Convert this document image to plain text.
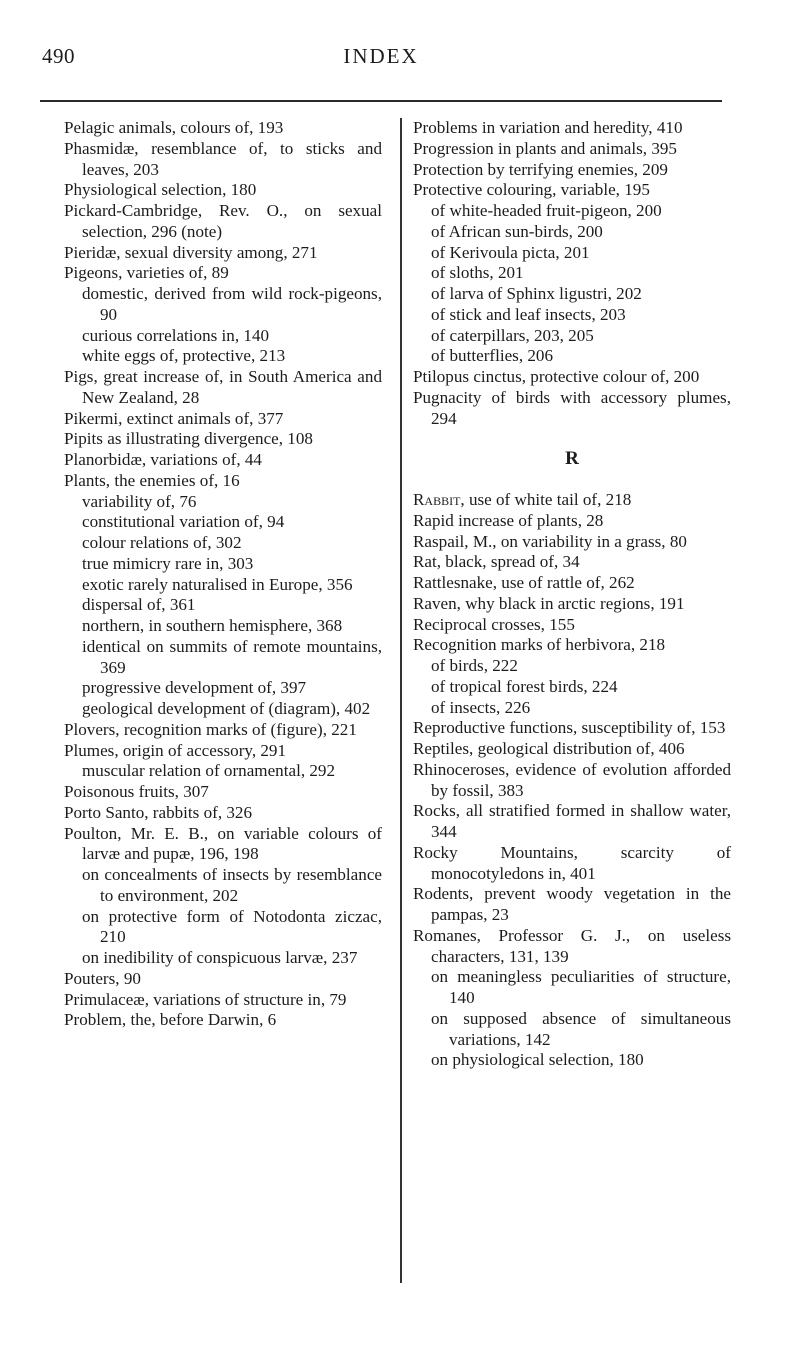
490	INDEX

Pelagic animals, colours of, 193

Phasmidæ, resemblance of, to sticks and leaves, 203

Physiological selection, 180

Pickard-Cambridge, Rev. O., on sexual selection, 296 (note)

Pieridæ, sexual diversity among, 271

Pigeons, varieties of, 89

domestic, derived from wild rock-pigeons, 90

curious correlations in, 140

white eggs of, protective, 213

Pigs, great increase of, in South America and New Zealand, 28

Pikermi, extinct animals of, 377

Pipits as illustrating divergence, 108

Planorbidæ, variations of, 44

Plants, the enemies of, 16

variability of, 76

constitutional variation of, 94

colour relations of, 302

true mimicry rare in, 303

exotic rarely naturalised in Europe, 356

dispersal of, 361

northern, in southern hemisphere, 368

identical on summits of remote mountains, 369

progressive development of, 397

geological development of (diagram), 402

Plovers, recognition marks of (figure), 221

Plumes, origin of accessory, 291

muscular relation of ornamental, 292

Poisonous fruits, 307

Porto Santo, rabbits of, 326

Poulton, Mr. E. B., on variable colours of larvæ and pupæ, 196, 198

on concealments of insects by resemblance to environment, 202

on protective form of Notodonta ziczac, 210

on inedibility of conspicuous larvæ, 237

Pouters, 90

Primulaceæ, variations of structure in, 79

Problem, the, before Darwin, 6

Problems in variation and heredity, 410

Progression in plants and animals, 395

Protection by terrifying enemies, 209

Protective colouring, variable, 195

of white-headed fruit-pigeon, 200

of African sun-birds, 200

of Kerivoula picta, 201

of sloths, 201

of larva of Sphinx ligustri, 202

of stick and leaf insects, 203

of caterpillars, 203, 205

of butterflies, 206

Ptilopus cinctus, protective colour of, 200

Pugnacity of birds with accessory plumes, 294

R

Rabbit, use of white tail of, 218

Rapid increase of plants, 28

Raspail, M., on variability in a grass, 80

Rat, black, spread of, 34

Rattlesnake, use of rattle of, 262

Raven, why black in arctic regions, 191

Reciprocal crosses, 155

Recognition marks of herbivora, 218

of birds, 222

of tropical forest birds, 224

of insects, 226

Reproductive functions, susceptibility of, 153

Reptiles, geological distribution of, 406

Rhinoceroses, evidence of evolution afforded by fossil, 383

Rocks, all stratified formed in shallow water, 344

Rocky Mountains, scarcity of monocotyledons in, 401

Rodents, prevent woody vegetation in the pampas, 23

Romanes, Professor G. J., on useless characters, 131, 139

on meaningless peculiarities of structure, 140

on supposed absence of simultaneous variations, 142

on physiological selection, 180
